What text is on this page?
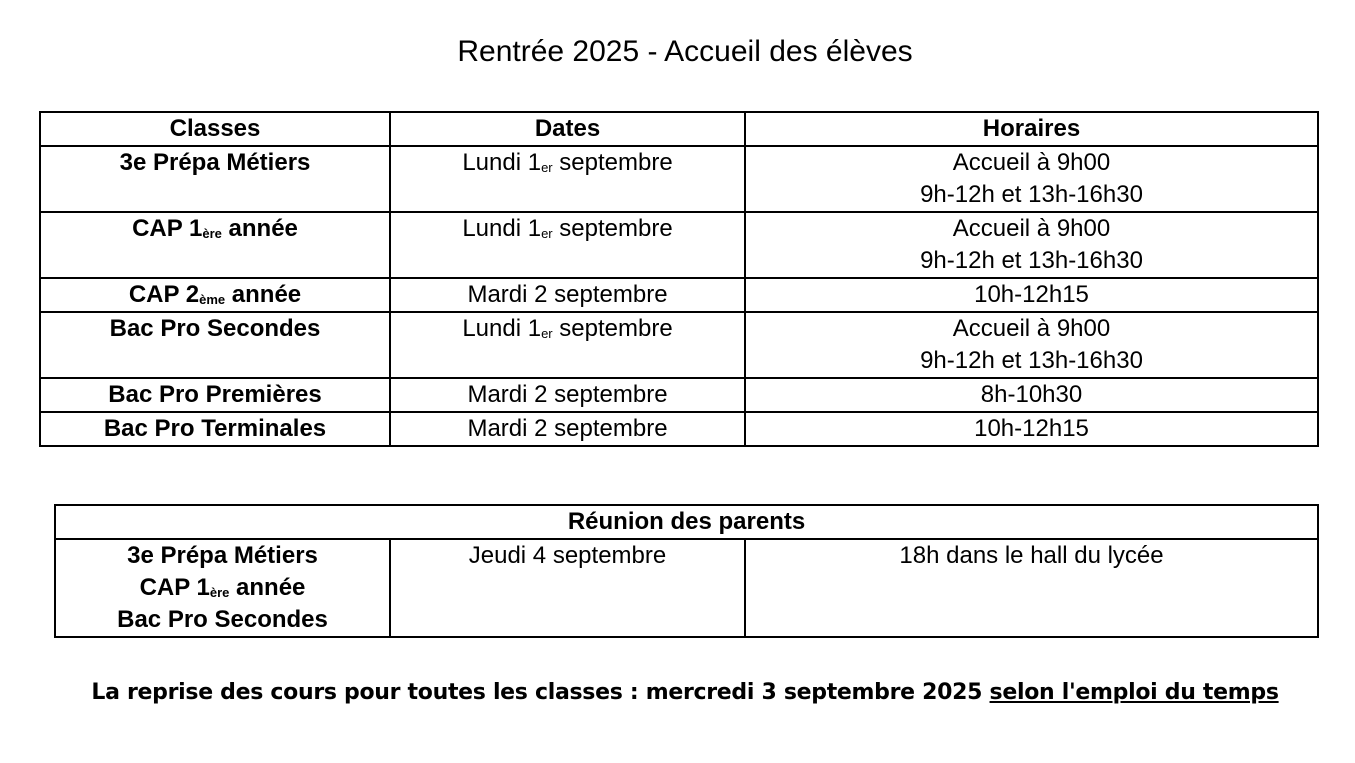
Rentrée 2025 - Accueil des élèves
Classes	Dates	Horaires
3e Prépa Métiers	Lundi 1er septembre	Accueil à 9h00
9h-12h et 13h-16h30

CAP 1ère année	Lundi 1er septembre	Accueil à 9h00
9h-12h et 13h-16h30

CAP 2ème année	Mardi 2 septembre	10h-12h15
Bac Pro Secondes	Lundi 1er septembre	Accueil à 9h00
9h-12h et 13h-16h30

Bac Pro Premières	Mardi 2 septembre	8h-10h30
Bac Pro Terminales	Mardi 2 septembre	10h-12h15
Réunion des parents

3e Prépa Métiers
CAP 1ère année
Bac Pro Secondes
	Jeudi 4 septembre	18h dans le hall du lycée
La reprise des cours pour toutes les classes : mercredi 3 septembre 2025 selon l'emploi du temps
